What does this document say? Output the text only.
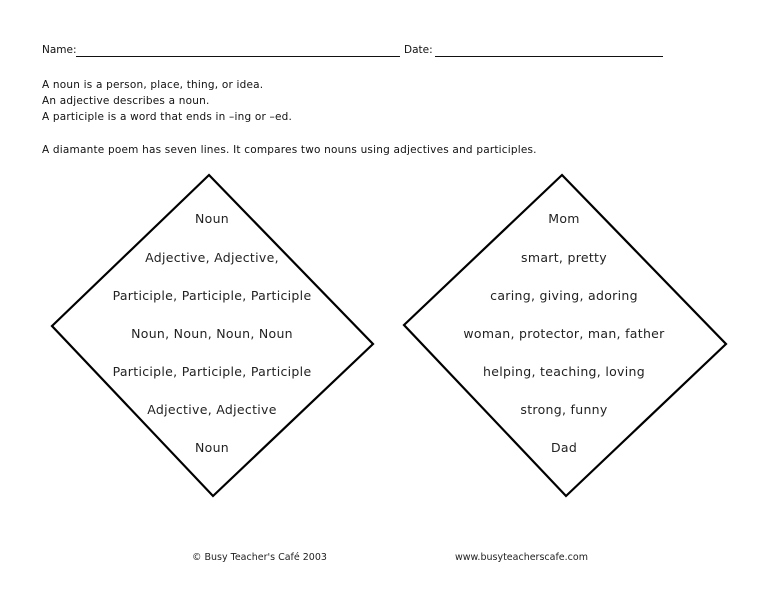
Name:	Date:
A noun is a person, place, thing, or idea.
An adjective describes a noun.
A participle is a word that ends in –ing or –ed.
A diamante poem has seven lines. It compares two nouns using adjectives and participles.
Noun
Adjective, Adjective,
Participle, Participle, Participle
Noun, Noun, Noun, Noun
Participle, Participle, Participle
Adjective, Adjective
Noun
Mom
smart, pretty
caring, giving, adoring
woman, protector, man, father
helping, teaching, loving
strong, funny
Dad
© Busy Teacher's Café 2003	www.busyteacherscafe.com
